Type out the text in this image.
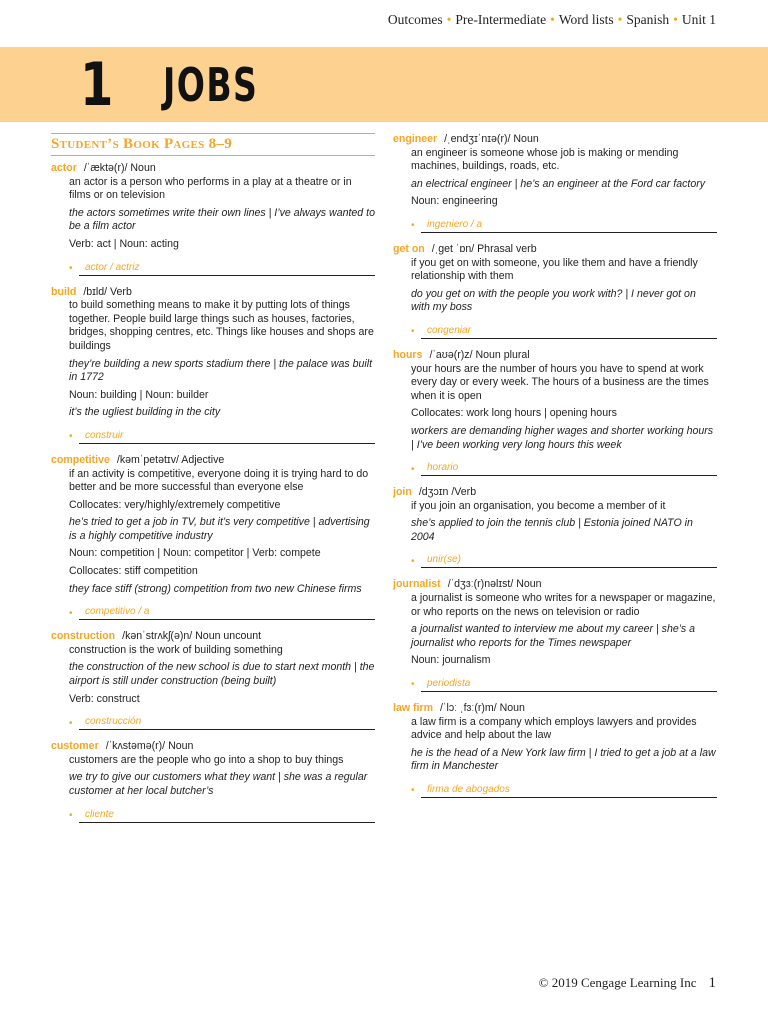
Outcomes • Pre-Intermediate • Word lists • Spanish • Unit 1
1 JOBS
Student’s Book Pages 8–9
actor /ˈæktə(r)/ Noun

an actor is a person who performs in a play at a theatre or in films or on television

the actors sometimes write their own lines | I’ve always wanted to be a film actor

Verb: act | Noun: acting

•	actor / actriz
build /bɪld/ Verb

to build something means to make it by putting lots of things together. People build large things such as houses, factories, bridges, shopping centres, etc. Things like houses and shops are buildings

they’re building a new sports stadium there | the palace was built in 1772

Noun: building | Noun: builder

it’s the ugliest building in the city

•	construir
competitive /kəmˈpetətɪv/ Adjective

if an activity is competitive, everyone doing it is trying hard to do better and be more successful than everyone else

Collocates: very/highly/extremely competitive

he’s tried to get a job in TV, but it’s very competitive | advertising is a highly competitive industry

Noun: competition | Noun: competitor | Verb: compete

Collocates: stiff competition

they face stiff (strong) competition from two new Chinese firms

•	competitivo / a
construction /kənˈstrʌkʃ(ə)n/ Noun uncount

construction is the work of building something

the construction of the new school is due to start next month | the airport is still under construction (being built)

Verb: construct

•	construcción
customer /ˈkʌstəmə(r)/ Noun

customers are the people who go into a shop to buy things

we try to give our customers what they want | she was a regular customer at her local butcher’s

•	cliente
engineer /ˌendʒɪˈnɪə(r)/ Noun

an engineer is someone whose job is making or mending machines, buildings, roads, etc.

an electrical engineer | he’s an engineer at the Ford car factory

Noun: engineering

•	ingeniero / a
get on /ˌget ˈɒn/ Phrasal verb

if you get on with someone, you like them and have a friendly relationship with them

do you get on with the people you work with? | I never got on with my boss

•	congeniar
hours /ˈaʊə(r)z/ Noun plural

your hours are the number of hours you have to spend at work every day or every week. The hours of a business are the times when it is open

Collocates: work long hours | opening hours

workers are demanding higher wages and shorter working hours | I’ve been working very long hours this week

•	horario
join /dʒɔɪn /Verb

if you join an organisation, you become a member of it

she’s applied to join the tennis club | Estonia joined NATO in 2004

•	unir(se)
journalist /ˈdʒɜː(r)nəlɪst/ Noun

a journalist is someone who writes for a newspaper or magazine, or who reports on the news on television or radio

a journalist wanted to interview me about my career | she’s a journalist who reports for the Times newspaper

Noun: journalism

•	periodista
law firm /ˈlɔː ˌfɜː(r)m/ Noun

a law firm is a company which employs lawyers and provides advice and help about the law

he is the head of a New York law firm | I tried to get a job at a law firm in Manchester

•	firma de abogados
© 2019 Cengage Learning Inc 1
